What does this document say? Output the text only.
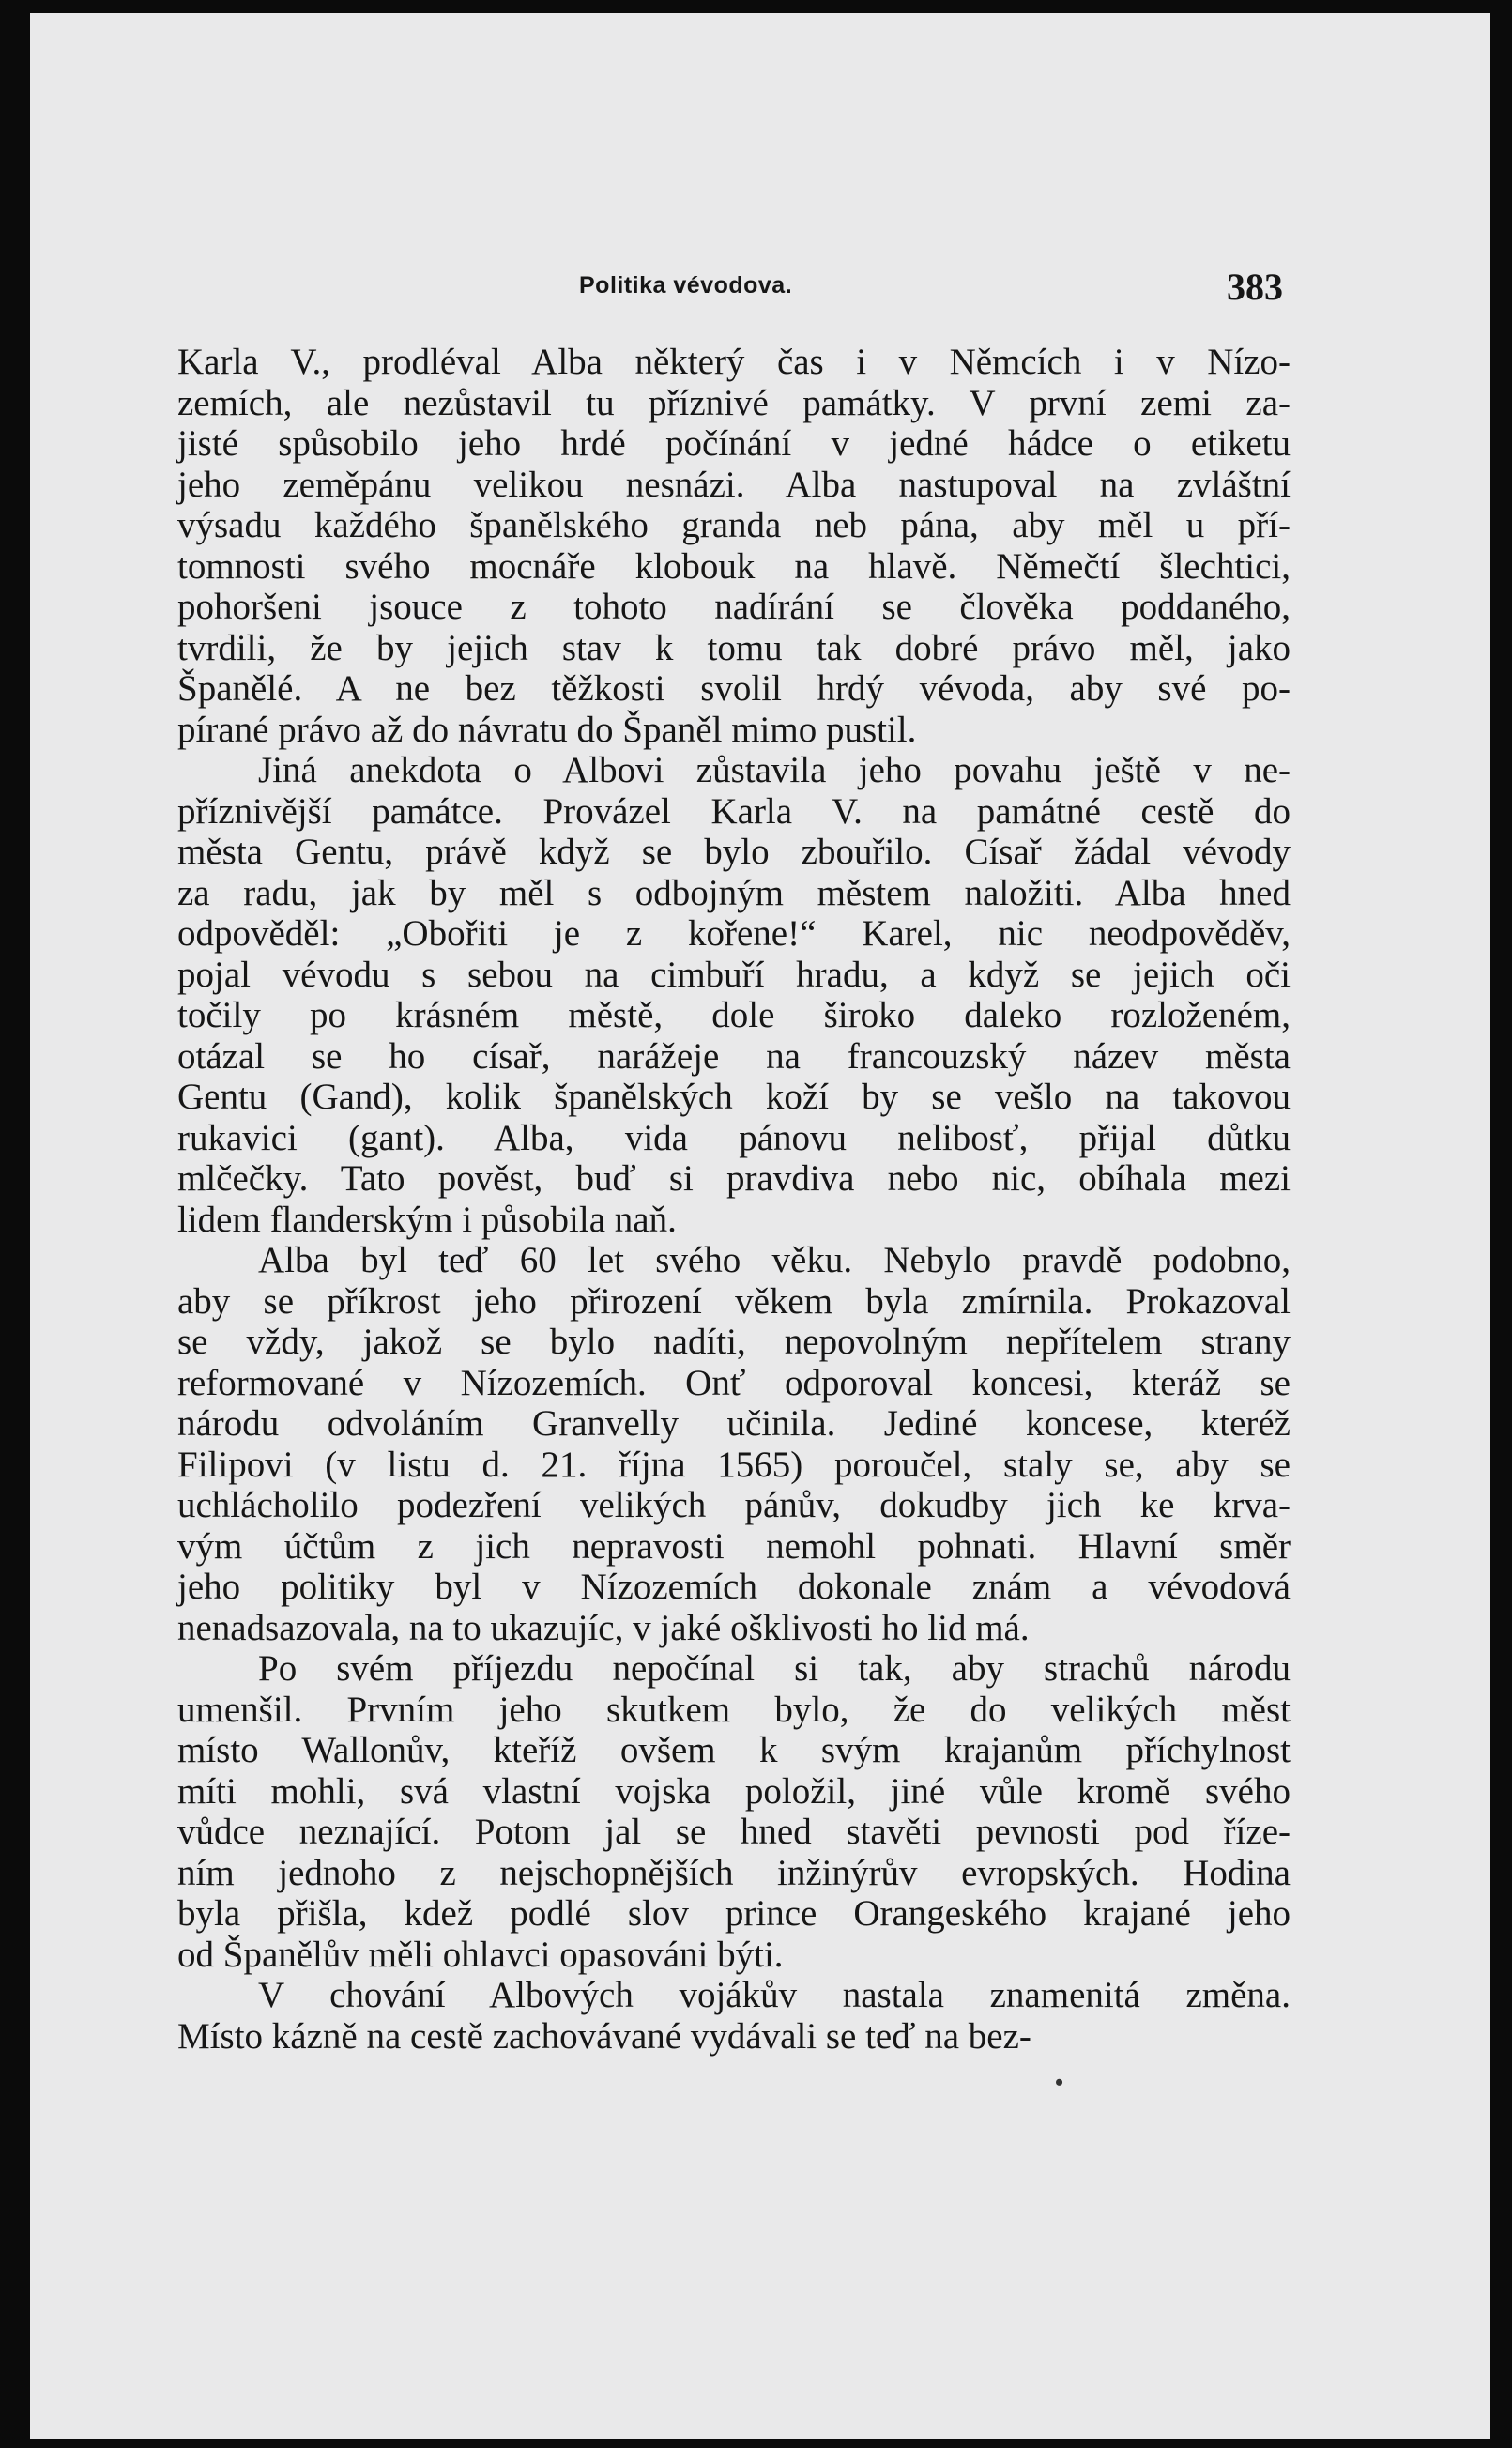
Politika vévodova.	383
Karla V., prodléval Alba některý čas i v Němcích i v Nízo-
zemích, ale nezůstavil tu příznivé památky. V první zemi za-
jisté spůsobilo jeho hrdé počínání v jedné hádce o etiketu
jeho zeměpánu velikou nesnázi. Alba nastupoval na zvláštní
výsadu každého španělského granda neb pána, aby měl u pří-
tomnosti svého mocnáře klobouk na hlavě. Němečtí šlechtici,
pohoršeni jsouce z tohoto nadírání se člověka poddaného,
tvrdili, že by jejich stav k tomu tak dobré právo měl, jako
Španělé. A ne bez těžkosti svolil hrdý vévoda, aby své po-
pírané právo až do návratu do Španěl mimo pustil.
Jiná anekdota o Albovi zůstavila jeho povahu ještě v ne-
příznivější památce. Provázel Karla V. na památné cestě do
města Gentu, právě když se bylo zbouřilo. Císař žádal vévody
za radu, jak by měl s odbojným městem naložiti. Alba hned
odpověděl: „Obořiti je z kořene!“ Karel, nic neodpověděv,
pojal vévodu s sebou na cimbuří hradu, a když se jejich oči
točily po krásném městě, dole široko daleko rozloženém,
otázal se ho císař, narážeje na francouzský název města
Gentu (Gand), kolik španělských koží by se vešlo na takovou
rukavici (gant). Alba, vida pánovu nelibosť, přijal důtku
mlčečky. Tato pověst, buď si pravdiva nebo nic, obíhala mezi
lidem flanderským i působila naň.
Alba byl teď 60 let svého věku. Nebylo pravdě podobno,
aby se příkrost jeho přirození věkem byla zmírnila. Prokazoval
se vždy, jakož se bylo nadíti, nepovolným nepřítelem strany
reformované v Nízozemích. Onť odporoval koncesi, kteráž se
národu odvoláním Granvelly učinila. Jediné koncese, kteréž
Filipovi (v listu d. 21. října 1565) poroučel, staly se, aby se
uchlácholilo podezření velikých pánův, dokudby jich ke krva-
vým účtům z jich nepravosti nemohl pohnati. Hlavní směr
jeho politiky byl v Nízozemích dokonale znám a vévodová
nenadsazovala, na to ukazujíc, v jaké ošklivosti ho lid má.
Po svém příjezdu nepočínal si tak, aby strachů národu
umenšil. Prvním jeho skutkem bylo, že do velikých měst
místo Wallonův, kteříž ovšem k svým krajanům příchylnost
míti mohli, svá vlastní vojska položil, jiné vůle kromě svého
vůdce neznající. Potom jal se hned stavěti pevnosti pod říze-
ním jednoho z nejschopnějších inžinýrův evropských. Hodina
byla přišla, kdež podlé slov prince Orangeského krajané jeho
od Španělův měli ohlavci opasováni býti.
V chování Albových vojákův nastala znamenitá změna.
Místo kázně na cestě zachovávané vydávali se teď na bez-
•
